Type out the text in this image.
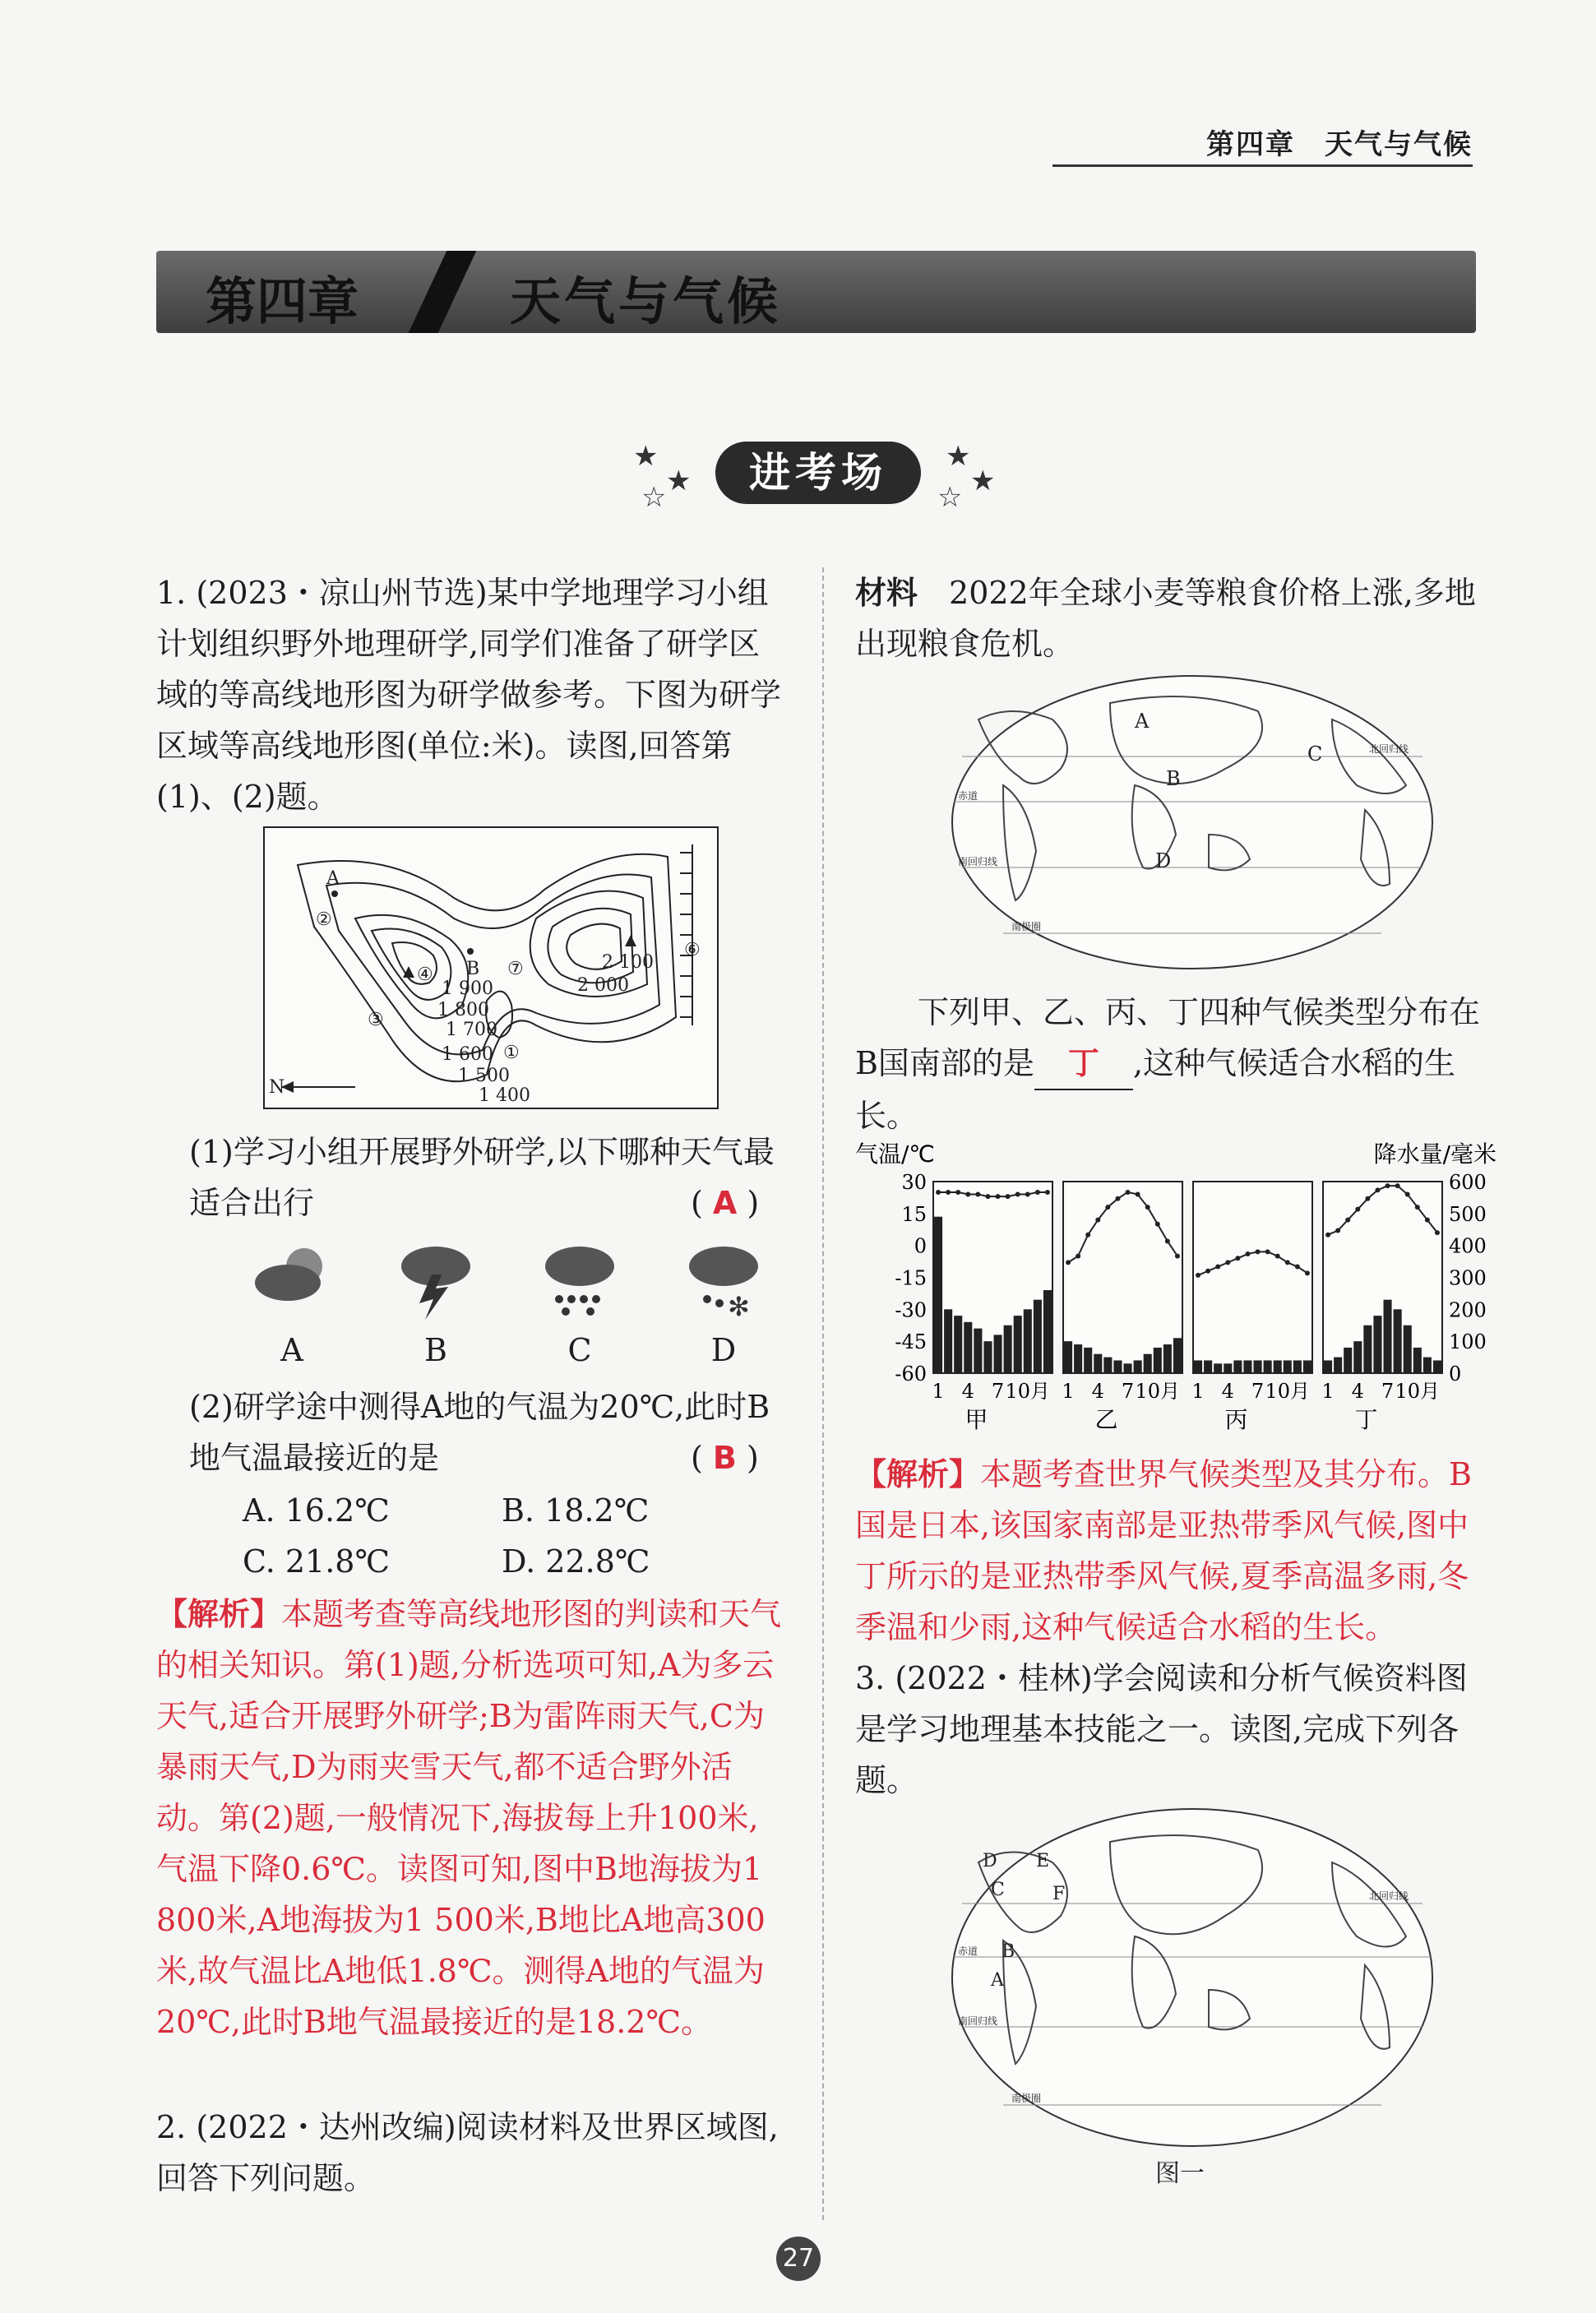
第四章　天气与气候
第四章	天气与气候
★
★
☆
进考场	★
★
☆
1. (2023・凉山州节选)某中学地理学习小组计划组织野外地理研学,同学们准备了研学区域的等高线地形图为研学做参考。下图为研学区域等高线地形图(单位:米)。读图,回答第(1)、(2)题。
A
B
①
②
③
④
⑥
⑦
1 900
1 800
1 700
1 600
1 500
1 400
2 000
2 100
N
(1)学习小组开展野外研学,以下哪种天气最适合出行	( A )
A	B	C
✻
D
(2)研学途中测得A地的气温为20℃,此时B地气温最接近的是	( B )
A. 16.2℃	B. 18.2℃
C. 21.8℃	D. 22.8℃
【解析】本题考查等高线地形图的判读和天气的相关知识。第(1)题,分析选项可知,A为多云天气,适合开展野外研学;B为雷阵雨天气,C为暴雨天气,D为雨夹雪天气,都不适合野外活动。第(2)题,一般情况下,海拔每上升100米,气温下降0.6℃。读图可知,图中B地海拔为1 800米,A地海拔为1 500米,B地比A地高300米,故气温比A地低1.8℃。测得A地的气温为20℃,此时B地气温最接近的是18.2℃。
2. (2022・达州改编)阅读材料及世界区域图,回答下列问题。
材料　 2022年全球小麦等粮食价格上涨,多地出现粮食危机。
A
B
C
D
北回归线
赤道
南回归线
南极圈
下列甲、乙、丙、丁四种气候类型分布在B国南部的是 丁 ,这种气候适合水稻的生长。
气温/℃	降水量/毫米
30
15
0
-15
-30
-45
-60
600
500
400
300
200
100
0
1 4 7 10月
甲
1 4 7 10月
乙
1 4 7 10月
丙
1 4 7 10月
丁
【解析】本题考查世界气候类型及其分布。B国是日本,该国家南部是亚热带季风气候,图中丁所示的是亚热带季风气候,夏季高温多雨,冬季温和少雨,这种气候适合水稻的生长。
3. (2022・桂林)学会阅读和分析气候资料图是学习地理基本技能之一。读图,完成下列各题。
A
B
C
D E
F	北回归线
赤道
南回归线
南极圈
图一
27
